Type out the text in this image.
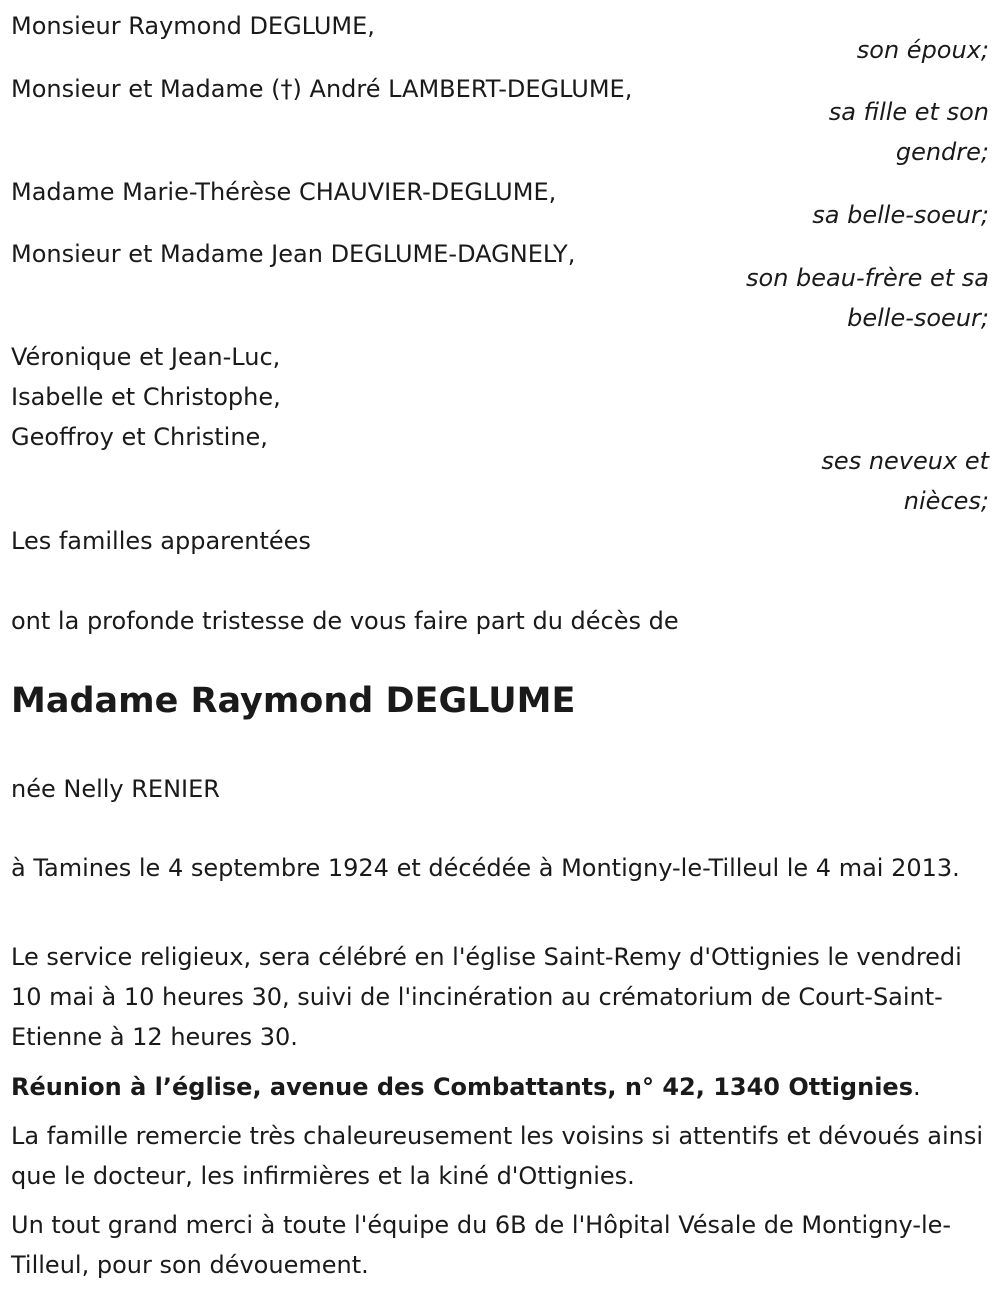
Monsieur Raymond DEGLUME,

son époux;

Monsieur et Madame (†) André LAMBERT-DEGLUME,

sa fille et son

gendre;

Madame Marie-Thérèse CHAUVIER-DEGLUME,

sa belle-soeur;

Monsieur et Madame Jean DEGLUME-DAGNELY,

son beau-frère et sa

belle-soeur;

Véronique et Jean-Luc,

Isabelle et Christophe,

Geoffroy et Christine,

ses neveux et

nièces;

Les familles apparentées

ont la profonde tristesse de vous faire part du décès de

Madame Raymond DEGLUME

née Nelly RENIER

à Tamines le 4 septembre 1924 et décédée à Montigny-le-Tilleul le 4 mai 2013.

Le service religieux, sera célébré en l'église Saint-Remy d'Ottignies le vendredi 10 mai à 10 heures 30, suivi de l'incinération au crématorium de Court-Saint-Etienne à 12 heures 30.

Réunion à l’église, avenue des Combattants, n° 42, 1340 Ottignies.

La famille remercie très chaleureusement les voisins si attentifs et dévoués ainsi que le docteur, les infirmières et la kiné d'Ottignies.

Un tout grand merci à toute l'équipe du 6B de l'Hôpital Vésale de Montigny-le-Tilleul, pour son dévouement.
